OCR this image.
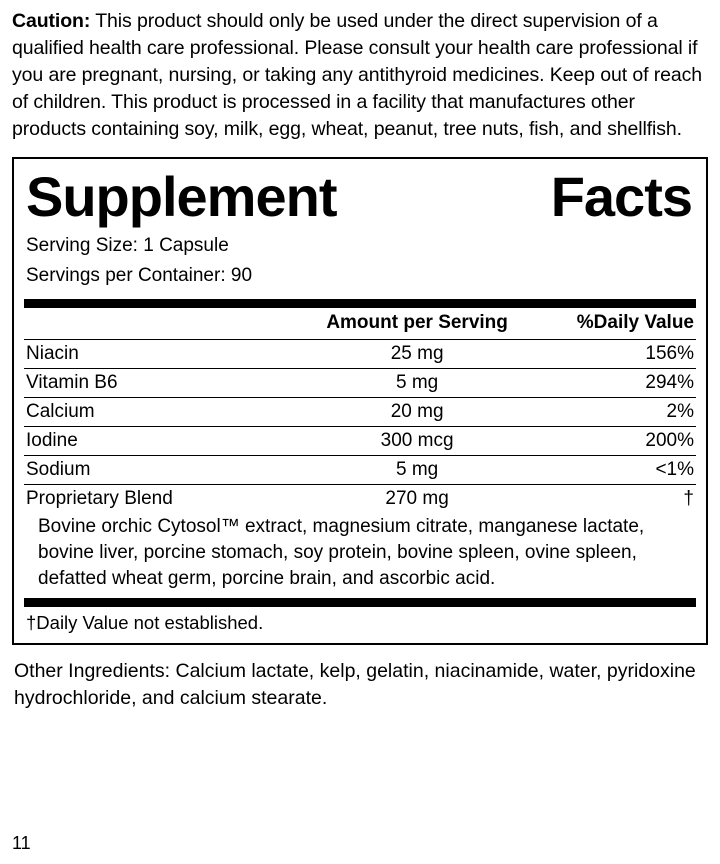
Caution: This product should only be used under the direct supervision of a qualified health care professional. Please consult your health care professional if you are pregnant, nursing, or taking any antithyroid medicines. Keep out of reach of children. This product is processed in a facility that manufactures other products containing soy, milk, egg, wheat, peanut, tree nuts, fish, and shellfish.

Supplement	Facts
Serving Size: 1 Capsule
Servings per Container: 90
	Amount per Serving	%Daily Value
Niacin	25 mg	156%
Vitamin B6	5 mg	294%
Calcium	20 mg	2%
Iodine	300 mcg	200%
Sodium	5 mg	<1%
Proprietary Blend	270 mg	†
Bovine orchic Cytosol™ extract, magnesium citrate, manganese lactate, bovine liver, porcine stomach, soy protein, bovine spleen, ovine spleen, defatted wheat germ, porcine brain, and ascorbic acid.
†Daily Value not established.

Other Ingredients: Calcium lactate, kelp, gelatin, niacinamide, water, pyridoxine hydrochloride, and calcium stearate.

11
